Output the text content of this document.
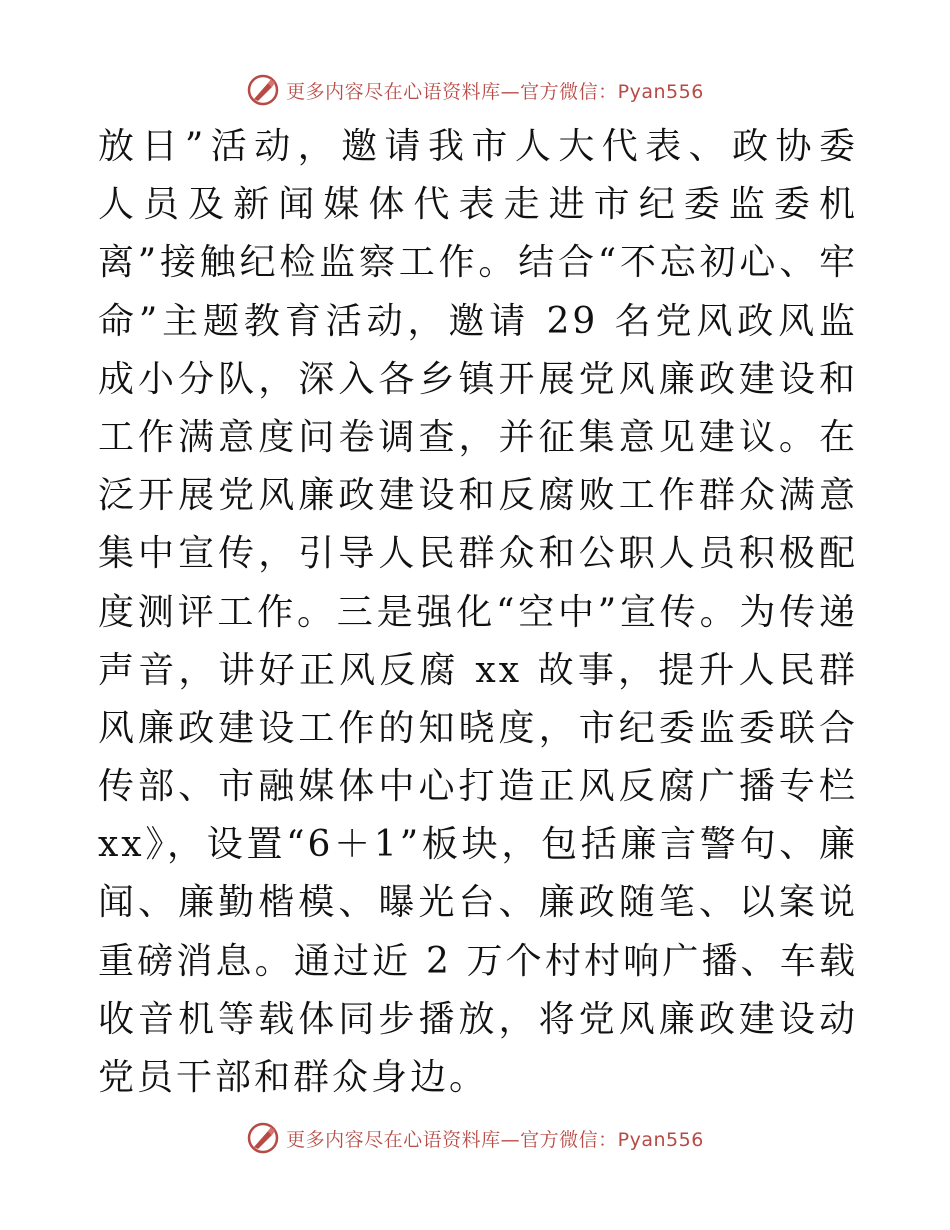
更多内容尽在心语资料库—官方微信：Pyan556
放日”活动，邀请我市人大代表、政协委
人员及新闻媒体代表走进市纪委监委机
离”接触纪检监察工作。结合“不忘初心、牢
命”主题教育活动，邀请 29 名党风政风监
成小分队，深入各乡镇开展党风廉政建设和
工作满意度问卷调查，并征集意见建议。在
泛开展党风廉政建设和反腐败工作群众满意
集中宣传，引导人民群众和公职人员积极配
度测评工作。三是强化“空中”宣传。为传递
声音，讲好正风反腐 xx 故事，提升人民群
风廉政建设工作的知晓度，市纪委监委联合
传部、市融媒体中心打造正风反腐广播专栏
xx》，设置“6＋1”板块，包括廉言警句、廉
闻、廉勤楷模、曝光台、廉政随笔、以案说
重磅消息。通过近 2 万个村村响广播、车载
收音机等载体同步播放，将党风廉政建设动
党员干部和群众身边。
更多内容尽在心语资料库—官方微信：Pyan556
